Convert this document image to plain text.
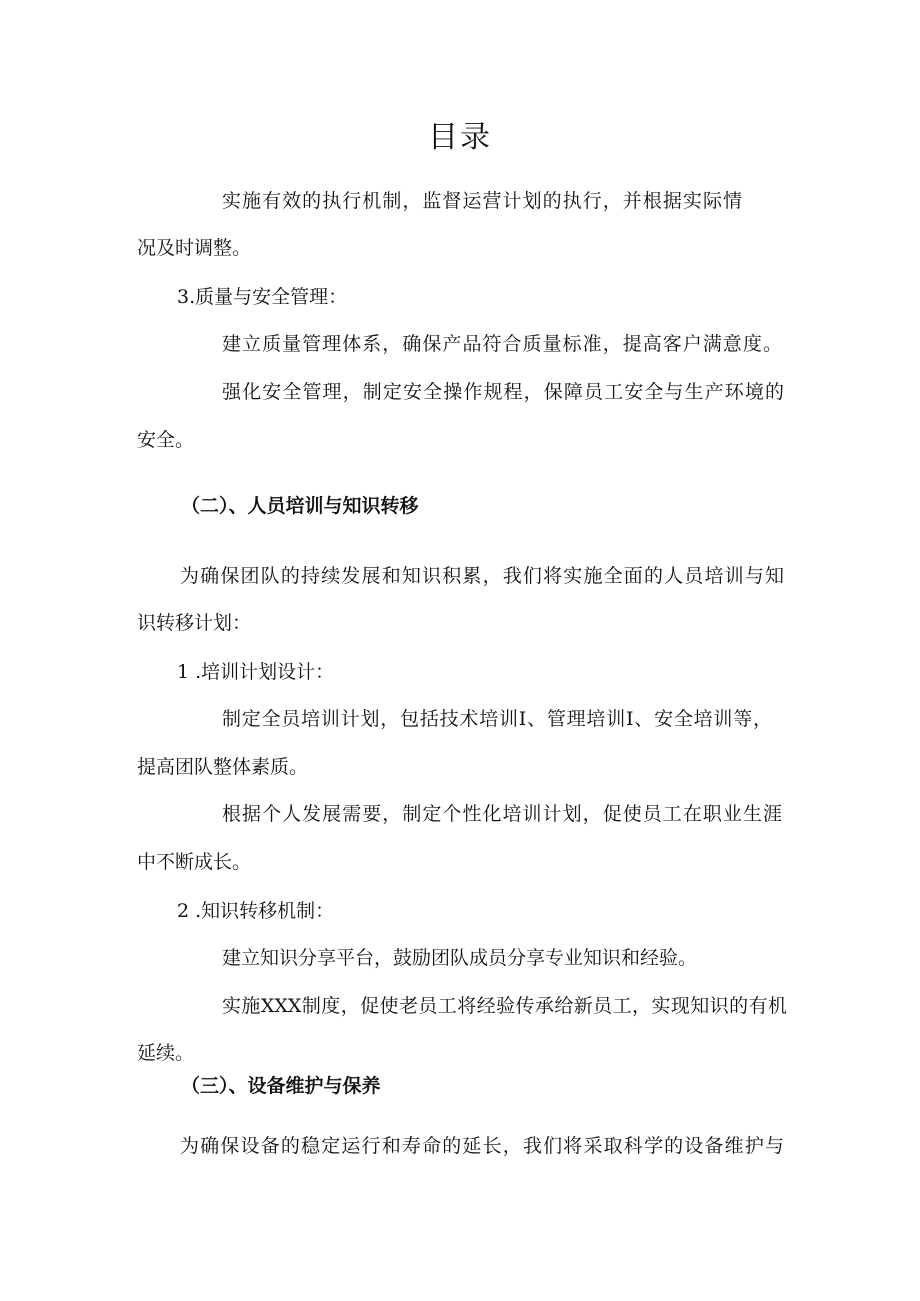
目录
实施有效的执行机制，监督运营计划的执行，并根据实际情
况及时调整。
3.质量与安全管理：
建立质量管理体系，确保产品符合质量标准，提高客户满意度。
强化安全管理，制定安全操作规程，保障员工安全与生产环境的
安全。
（二）、人员培训与知识转移
为确保团队的持续发展和知识积累，我们将实施全面的人员培训与知
识转移计划：
1 .培训计划设计：
制定全员培训计划，包括技术培训I、管理培训I、安全培训等，
提高团队整体素质。
根据个人发展需要，制定个性化培训计划，促使员工在职业生涯
中不断成长。
2 .知识转移机制：
建立知识分享平台，鼓励团队成员分享专业知识和经验。
实施XXX制度，促使老员工将经验传承给新员工，实现知识的有机
延续。
（三）、设备维护与保养
为确保设备的稳定运行和寿命的延长，我们将采取科学的设备维护与
